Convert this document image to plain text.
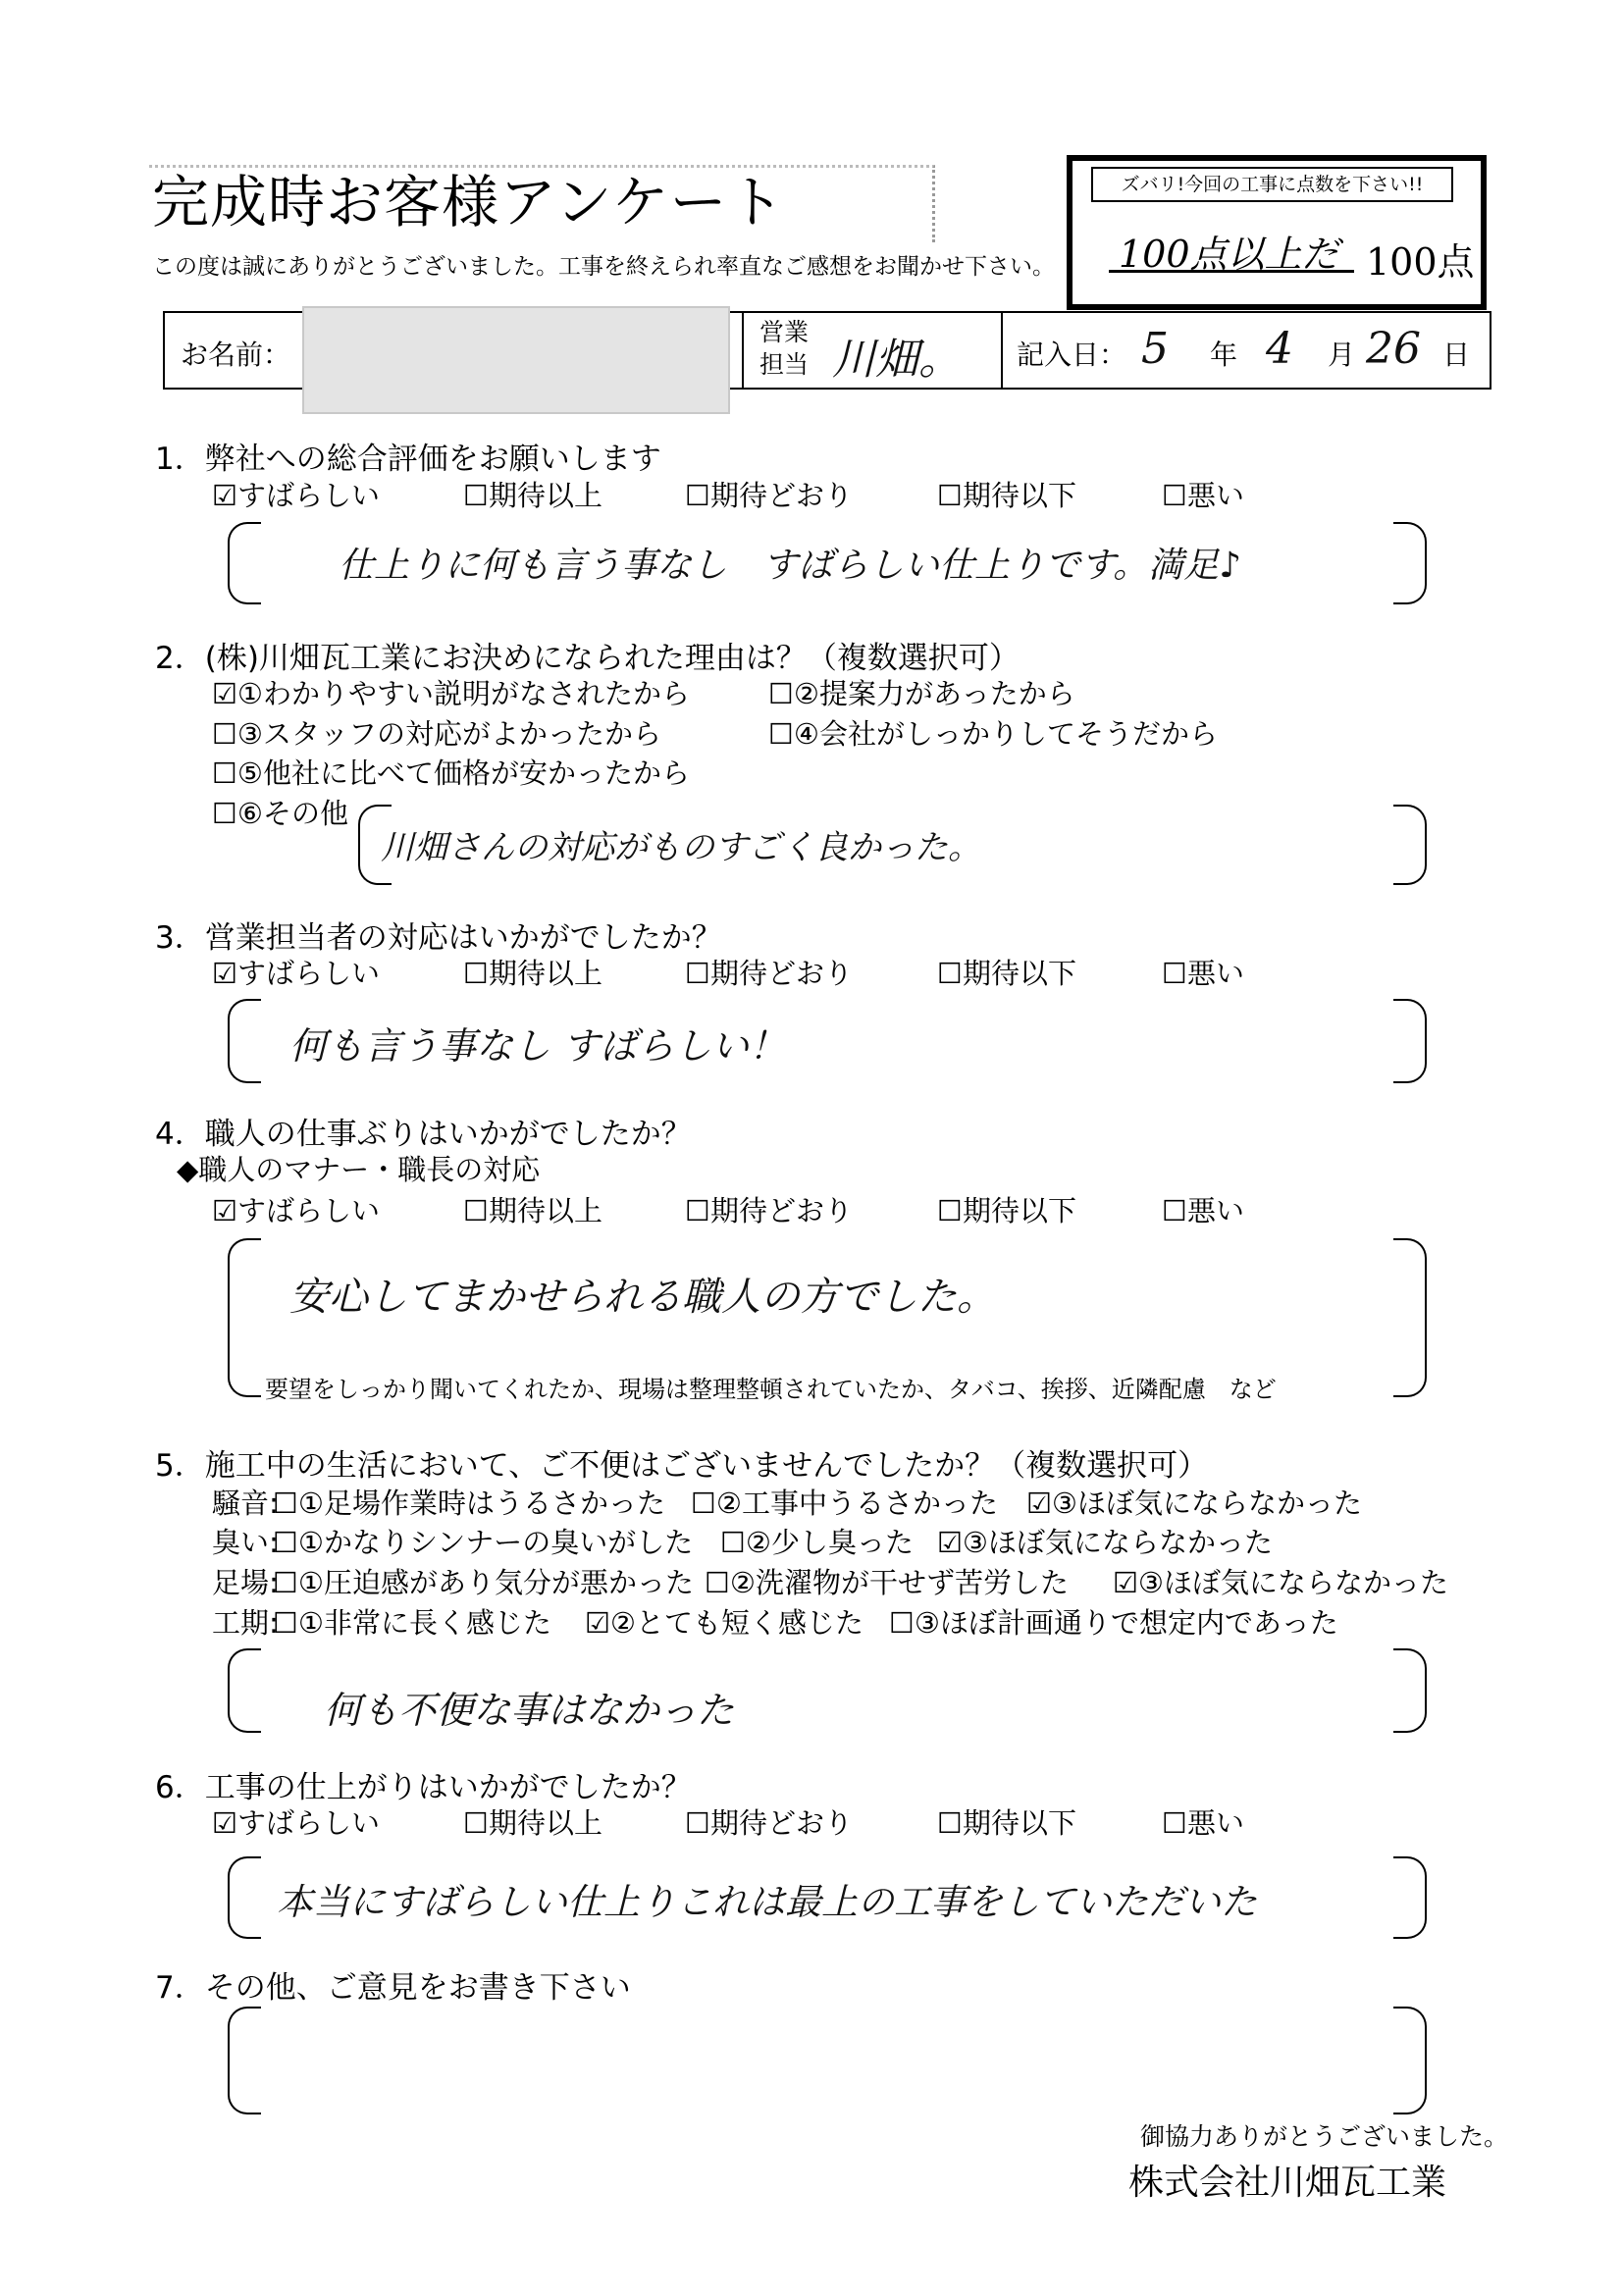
完成時お客様アンケート
この度は誠にありがとうございました。工事を終えられ率直なご感想をお聞かせ下さい。
ズバリ!今回の工事に点数を下さい!!
100点以上だ 100点
お名前：
営業
担当 川畑。 記入日： 5 年 4 月 26 日
1．弊社への総合評価をお願いします
☑すばらしい	☐期待以上	☐期待どおり	☐期待以下	☐悪い
仕上りに何も言う事なし　すばらしい仕上りです。満足♪
2．(株)川畑瓦工業にお決めになられた理由は？（複数選択可）
☑①わかりやすい説明がなされたから	☐②提案力があったから
☐③スタッフの対応がよかったから	☐④会社がしっかりしてそうだから
☐⑤他社に比べて価格が安かったから
☐⑥その他
川畑さんの対応がものすごく良かった。
3．営業担当者の対応はいかがでしたか？
☑すばらしい	☐期待以上	☐期待どおり	☐期待以下	☐悪い
何も言う事なし すばらしい！
4．職人の仕事ぶりはいかがでしたか？
◆職人のマナー・職長の対応
☑すばらしい	☐期待以上	☐期待どおり	☐期待以下	☐悪い
安心してまかせられる職人の方でした。
要望をしっかり聞いてくれたか、現場は整理整頓されていたか、タバコ、挨拶、近隣配慮　など
5．施工中の生活において、ご不便はございませんでしたか？（複数選択可）
騒音:
☐①足場作業時はうるさかった ☐②工事中うるさかった ☑③ほぼ気にならなかった
臭い:
☐①かなりシンナーの臭いがした ☐②少し臭った ☑③ほぼ気にならなかった
足場:
☐①圧迫感があり気分が悪かった ☐②洗濯物が干せず苦労した ☑③ほぼ気にならなかった
工期:
☐①非常に長く感じた ☑②とても短く感じた ☐③ほぼ計画通りで想定内であった
何も不便な事はなかった
6．工事の仕上がりはいかがでしたか？
☑すばらしい	☐期待以上	☐期待どおり	☐期待以下	☐悪い
本当にすばらしい仕上りこれは最上の工事をしていただいた
7．その他、ご意見をお書き下さい
御協力ありがとうございました。
株式会社川畑瓦工業
